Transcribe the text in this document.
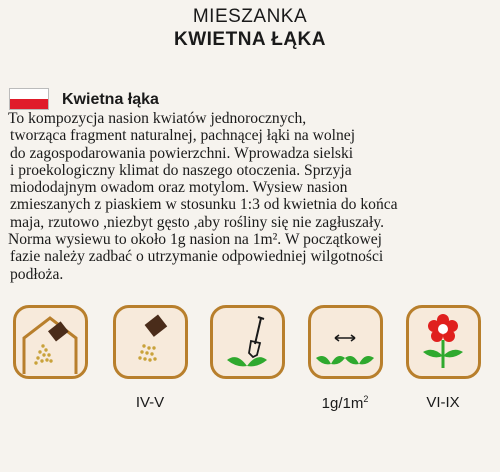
MIESZANKA
KWIETNA ŁĄKA
Kwietna łąka
To kompozycja nasion kwiatów jednorocznych,
tworząca fragment naturalnej, pachnącej łąki na wolnej
do zagospodarowania powierzchni. Wprowadza sielski
i proekologiczny klimat do naszego otoczenia. Sprzyja
miododajnym owadom oraz motylom. Wysiew nasion
zmieszanych z piaskiem w stosunku 1:3 od kwietnia do końca
maja, rzutowo ,niezbyt gęsto ,aby rośliny się nie zagłuszały.
Norma wysiewu to około 1g nasion na 1m². W początkowej
fazie należy zadbać o utrzymanie odpowiedniej wilgotności
podłoża.
IV-V	$1g/1m^2$	VI-IX
